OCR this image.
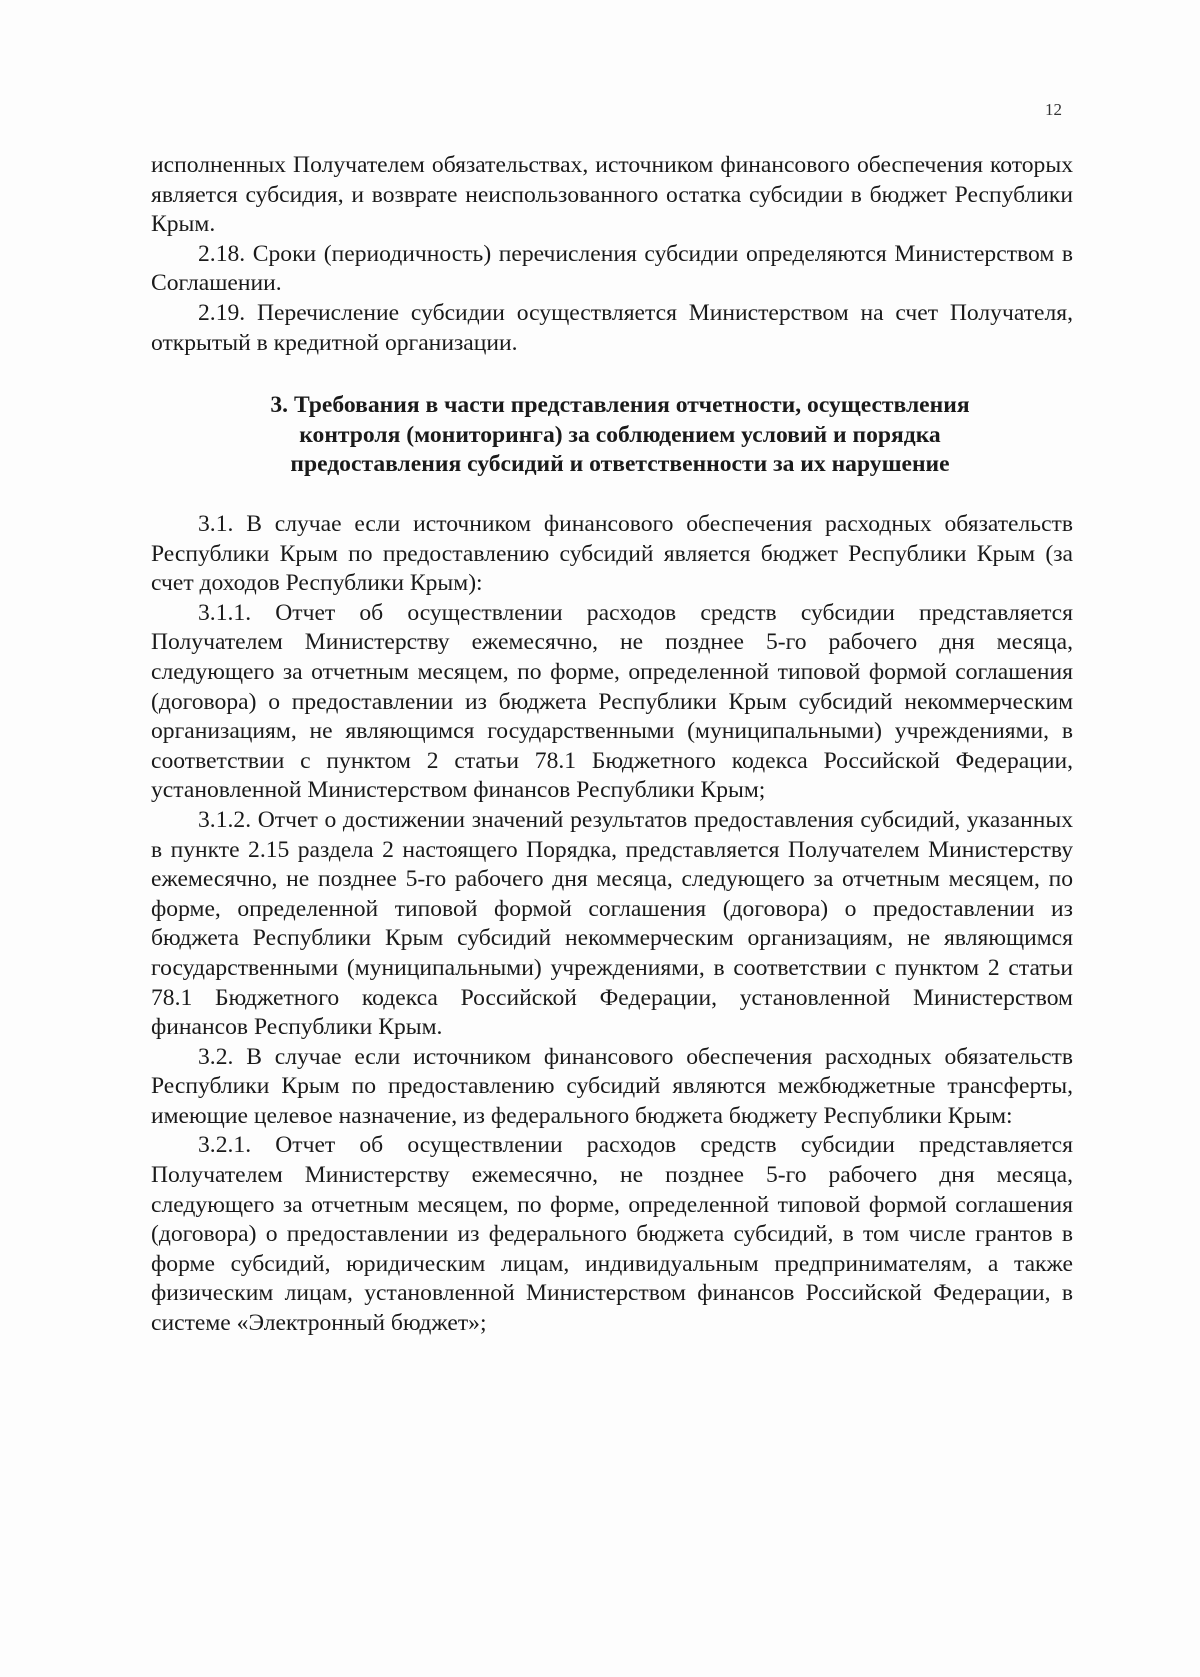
12

исполненных Получателем обязательствах, источником финансового обеспечения которых является субсидия, и возврате неиспользованного остатка субсидии в бюджет Республики Крым.

2.18. Сроки (периодичность) перечисления субсидии определяются Министерством в Соглашении.

2.19. Перечисление субсидии осуществляется Министерством на счет Получателя, открытый в кредитной организации.

3. Требования в части представления отчетности, осуществления
контроля (мониторинга) за соблюдением условий и порядка
предоставления субсидий и ответственности за их нарушение

3.1. В случае если источником финансового обеспечения расходных обязательств Республики Крым по предоставлению субсидий является бюджет Республики Крым (за счет доходов Республики Крым):

3.1.1. Отчет об осуществлении расходов средств субсидии представляется Получателем Министерству ежемесячно, не позднее 5-го рабочего дня месяца, следующего за отчетным месяцем, по форме, определенной типовой формой соглашения (договора) о предоставлении из бюджета Республики Крым субсидий некоммерческим организациям, не являющимся государственными (муниципальными) учреждениями, в соответствии с пунктом 2 статьи 78.1 Бюджетного кодекса Российской Федерации, установленной Министерством финансов Республики Крым;

3.1.2. Отчет о достижении значений результатов предоставления субсидий, указанных в пункте 2.15 раздела 2 настоящего Порядка, представляется Получателем Министерству ежемесячно, не позднее 5-го рабочего дня месяца, следующего за отчетным месяцем, по форме, определенной типовой формой соглашения (договора) о предоставлении из бюджета Республики Крым субсидий некоммерческим организациям, не являющимся государственными (муниципальными) учреждениями, в соответствии с пунктом 2 статьи 78.1 Бюджетного кодекса Российской Федерации, установленной Министерством финансов Республики Крым.

3.2. В случае если источником финансового обеспечения расходных обязательств Республики Крым по предоставлению субсидий являются межбюджетные трансферты, имеющие целевое назначение, из федерального бюджета бюджету Республики Крым:

3.2.1. Отчет об осуществлении расходов средств субсидии представляется Получателем Министерству ежемесячно, не позднее 5-го рабочего дня месяца, следующего за отчетным месяцем, по форме, определенной типовой формой соглашения (договора) о предоставлении из федерального бюджета субсидий, в том числе грантов в форме субсидий, юридическим лицам, индивидуальным предпринимателям, а также физическим лицам, установленной Министерством финансов Российской Федерации, в системе «Электронный бюджет»;
